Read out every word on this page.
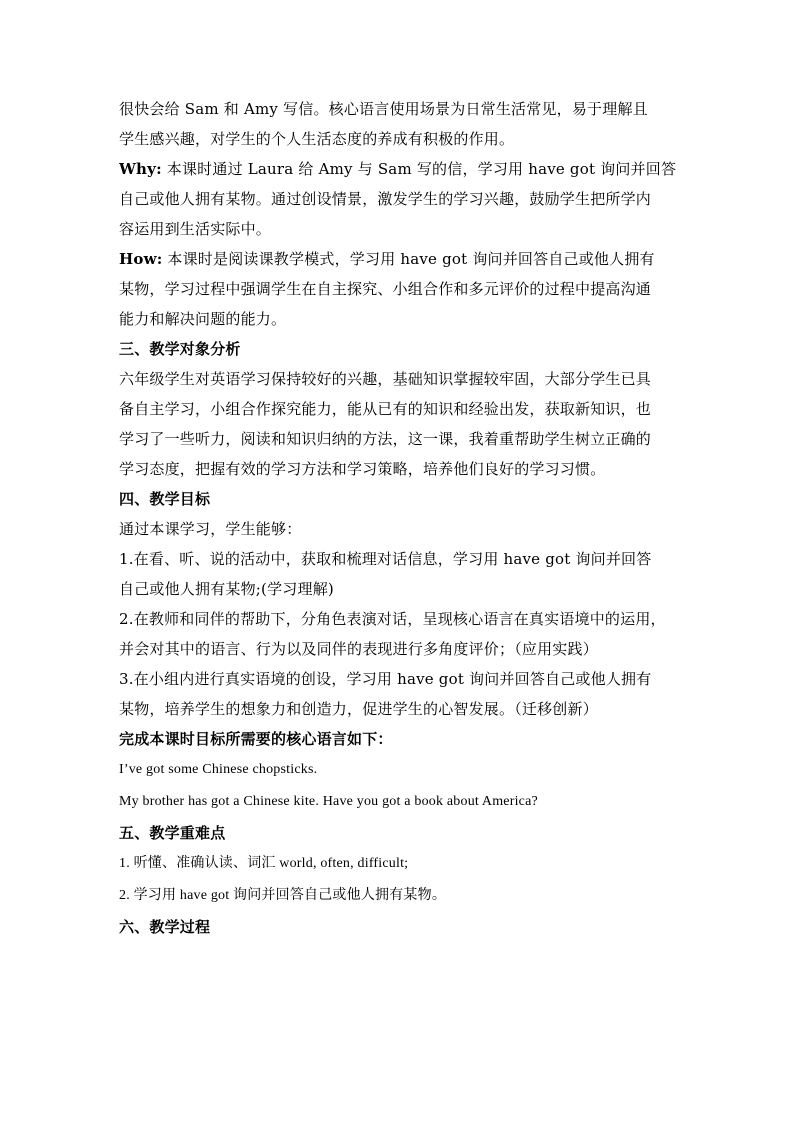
很快会给 Sam 和 Amy 写信。核心语言使用场景为日常生活常见，易于理解且
学生感兴趣，对学生的个人生活态度的养成有积极的作用。
Why: 本课时通过 Laura 给 Amy 与 Sam 写的信，学习用 have got 询问并回答
自己或他人拥有某物。通过创设情景，激发学生的学习兴趣，鼓励学生把所学内
容运用到生活实际中。
How: 本课时是阅读课教学模式，学习用 have got 询问并回答自己或他人拥有
某物，学习过程中强调学生在自主探究、小组合作和多元评价的过程中提高沟通
能力和解决问题的能力。
三、教学对象分析
六年级学生对英语学习保持较好的兴趣，基础知识掌握较牢固，大部分学生已具
备自主学习，小组合作探究能力，能从已有的知识和经验出发，获取新知识，也
学习了一些听力，阅读和知识归纳的方法，这一课，我着重帮助学生树立正确的
学习态度，把握有效的学习方法和学习策略，培养他们良好的学习习惯。
四、教学目标
通过本课学习，学生能够：
1.在看、听、说的活动中，获取和梳理对话信息，学习用 have got 询问并回答
自己或他人拥有某物;(学习理解)
2.在教师和同伴的帮助下，分角色表演对话，呈现核心语言在真实语境中的运用，
并会对其中的语言、行为以及同伴的表现进行多角度评价；（应用实践）
3.在小组内进行真实语境的创设，学习用 have got 询问并回答自己或他人拥有
某物，培养学生的想象力和创造力，促进学生的心智发展。（迁移创新）
完成本课时目标所需要的核心语言如下：
I’ve got some Chinese chopsticks.
My brother has got a Chinese kite. Have you got a book about America?
五、教学重难点
1. 听懂、准确认读、词汇 world, often, difficult;
2. 学习用 have got 询问并回答自己或他人拥有某物。
六、教学过程
